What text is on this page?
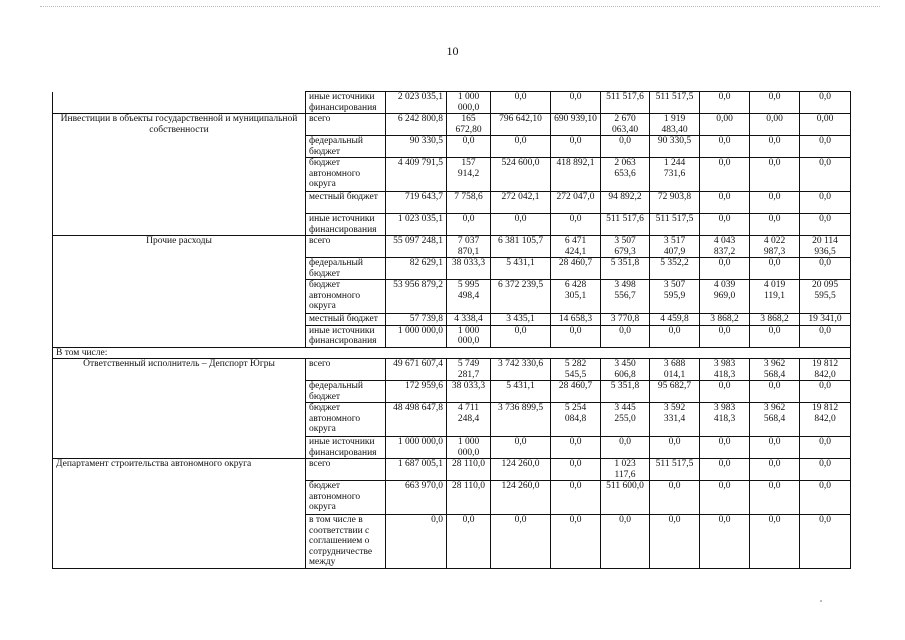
10
	иные источники финансирования	2 023 035,1	1 000 000,0	0,0	0,0	511 517,6	511 517,5	0,0	0,0	0,0
Инвестиции в объекты государственной и муниципальной собственности	всего	6 242 800,8	165 672,80	796 642,10	690 939,10	2 670 063,40	1 919 483,40	0,00	0,00	0,00
	федеральный бюджет	90 330,5	0,0	0,0	0,0	0,0	90 330,5	0,0	0,0	0,0
	бюджет автономного округа	4 409 791,5	157 914,2	524 600,0	418 892,1	2 063 653,6	1 244 731,6	0,0	0,0	0,0
	местный бюджет	719 643,7	7 758,6	272 042,1	272 047,0	94 892,2	72 903,8	0,0	0,0	0,0
	иные источники финансирования	1 023 035,1	0,0	0,0	0,0	511 517,6	511 517,5	0,0	0,0	0,0
Прочие расходы	всего	55 097 248,1	7 037 870,1	6 381 105,7	6 471 424,1	3 507 679,3	3 517 407,9	4 043 837,2	4 022 987,3	20 114 936,5
	федеральный бюджет	82 629,1	38 033,3	5 431,1	28 460,7	5 351,8	5 352,2	0,0	0,0	0,0
	бюджет автономного округа	53 956 879,2	5 995 498,4	6 372 239,5	6 428 305,1	3 498 556,7	3 507 595,9	4 039 969,0	4 019 119,1	20 095 595,5
	местный бюджет	57 739,8	4 338,4	3 435,1	14 658,3	3 770,8	4 459,8	3 868,2	3 868,2	19 341,0
	иные источники финансирования	1 000 000,0	1 000 000,0	0,0	0,0	0,0	0,0	0,0	0,0	0,0
В том числе:										
Ответственный исполнитель – Депспорт Югры	всего	49 671 607,4	5 749 281,7	3 742 330,6	5 282 545,5	3 450 606,8	3 688 014,1	3 983 418,3	3 962 568,4	19 812 842,0
	федеральный бюджет	172 959,6	38 033,3	5 431,1	28 460,7	5 351,8	95 682,7	0,0	0,0	0,0
	бюджет автономного округа	48 498 647,8	4 711 248,4	3 736 899,5	5 254 084,8	3 445 255,0	3 592 331,4	3 983 418,3	3 962 568,4	19 812 842,0
	иные источники финансирования	1 000 000,0	1 000 000,0	0,0	0,0	0,0	0,0	0,0	0,0	0,0
Департамент строительства автономного округа	всего	1 687 005,1	28 110,0	124 260,0	0,0	1 023 117,6	511 517,5	0,0	0,0	0,0
	бюджет автономного округа	663 970,0	28 110,0	124 260,0	0,0	511 600,0	0,0	0,0	0,0	0,0
	в том числе в соответствии с соглашением о сотрудничестве между	0,0	0,0	0,0	0,0	0,0	0,0	0,0	0,0	0,0
